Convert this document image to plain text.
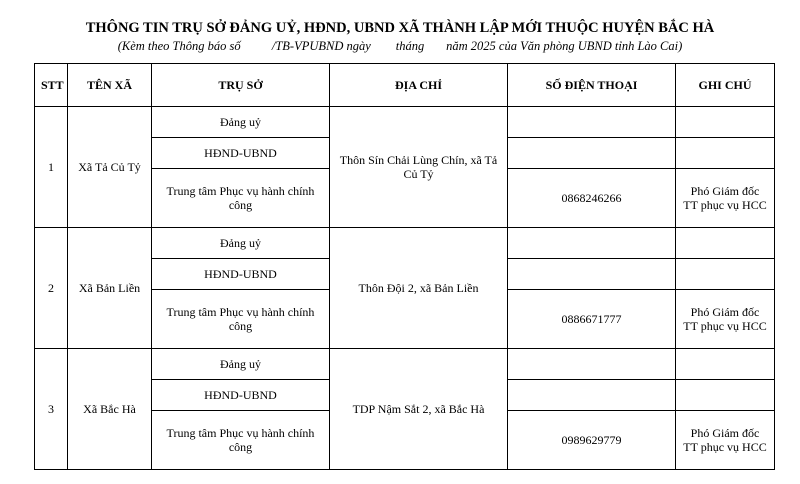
THÔNG TIN TRỤ SỞ ĐẢNG UỶ, HĐND, UBND XÃ THÀNH LẬP MỚI THUỘC HUYỆN BẮC HÀ
(Kèm theo Thông báo số          /TB-VPUBND ngày        tháng       năm 2025 của Văn phòng UBND tỉnh Lào Cai)
STT	TÊN XÃ	TRỤ SỞ	ĐỊA CHỈ	SỐ ĐIỆN THOẠI	GHI CHÚ
1	Xã Tả Củ Tỷ	Đảng uỷ	Thôn Sín Chải Lùng Chín, xã Tả Củ Tỷ		
		HĐND-UBND			
		Trung tâm Phục vụ hành chính công		0868246266	Phó Giám đốc TT phục vụ HCC
2	Xã Bản Liền	Đảng uỷ	Thôn Đội 2, xã Bản Liền		
		HĐND-UBND			
		Trung tâm Phục vụ hành chính công		0886671777	Phó Giám đốc TT phục vụ HCC
3	Xã Bắc Hà	Đảng uỷ	TDP Nậm Sắt 2, xã Bắc Hà		
		HĐND-UBND			
		Trung tâm Phục vụ hành chính công		0989629779	Phó Giám đốc TT phục vụ HCC
